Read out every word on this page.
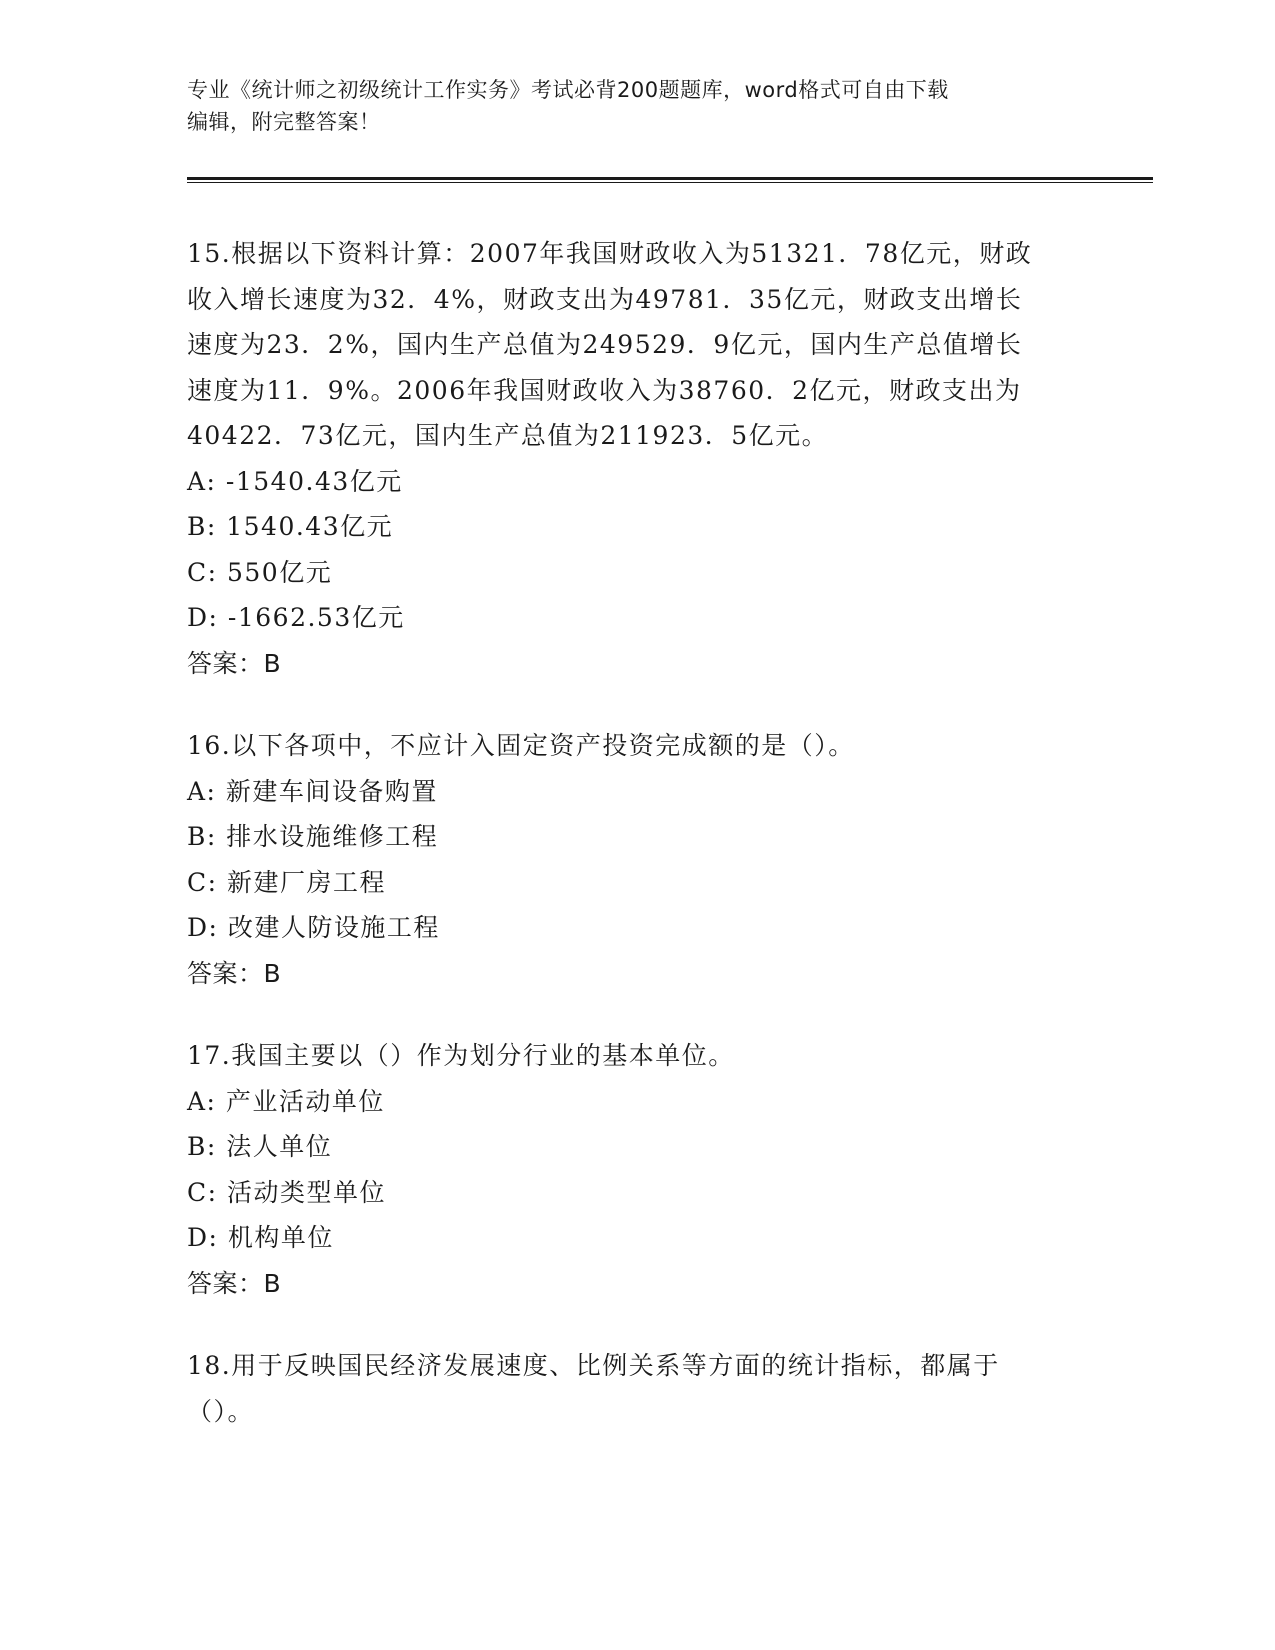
专业《统计师之初级统计工作实务》考试必背200题题库，word格式可自由下载
编辑，附完整答案！
15.根据以下资料计算：2007年我国财政收入为51321．78亿元，财政
收入增长速度为32．4%，财政支出为49781．35亿元，财政支出增长
速度为23．2%，国内生产总值为249529．9亿元，国内生产总值增长
速度为11．9%。2006年我国财政收入为38760．2亿元，财政支出为
40422．73亿元，国内生产总值为211923．5亿元。
A: -1540.43亿元
B: 1540.43亿元
C: 550亿元
D: -1662.53亿元
答案：B
16.以下各项中，不应计入固定资产投资完成额的是（）。
A: 新建车间设备购置
B: 排水设施维修工程
C: 新建厂房工程
D: 改建人防设施工程
答案：B
17.我国主要以（）作为划分行业的基本单位。
A: 产业活动单位
B: 法人单位
C: 活动类型单位
D: 机构单位
答案：B
18.用于反映国民经济发展速度、比例关系等方面的统计指标，都属于
（）。
